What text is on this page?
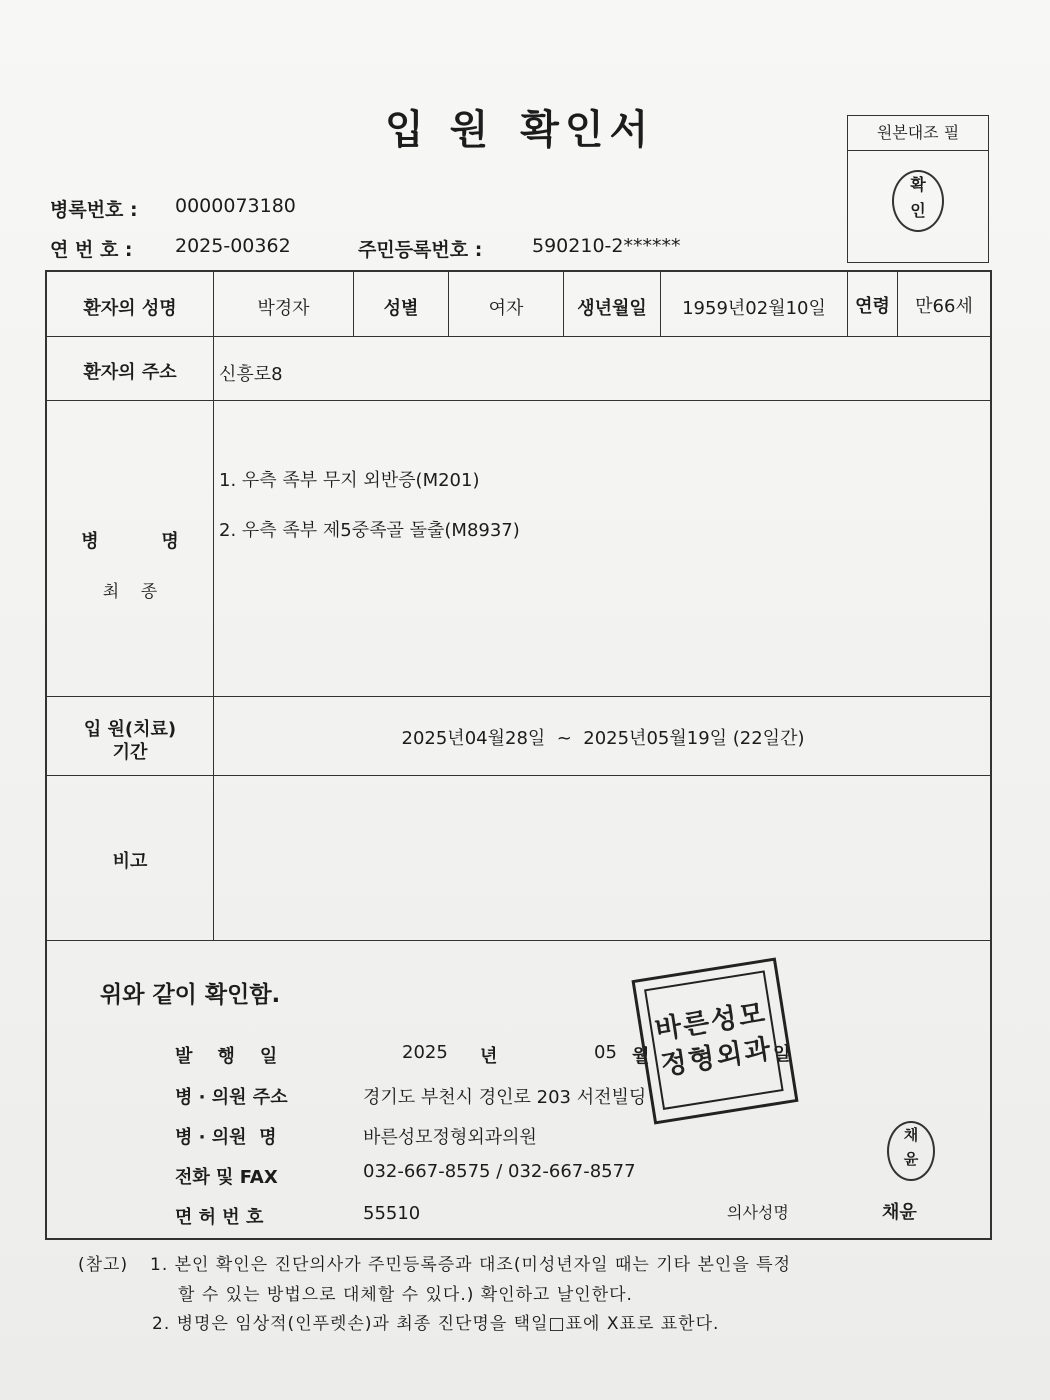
입 원 확인서	원본대조 필
확
인
병록번호 : 0000073180
연 번 호 : 2025-00362	주민등록번호 :	590210-2******
환자의 성명	박경자	성별	여자	생년월일	1959년02월10일	연령	만66세
환자의 주소	신흥로8
병          명
최    종
1. 우측 족부 무지 외반증(M201)
2. 우측 족부 제5중족골 돌출(M8937)
입 원(치료)
기간
2025년04월28일  ~  2025년05월19일 (22일간)
비고
위와 같이 확인함.
발    행    일	2025 년	05 월	일
병 · 의원 주소	경기도 부천시 경인로 203 서전빌딩
병 · 의원  명	바른성모정형외과의원
전화 및 FAX	032-667-8575 / 032-667-8577
면 허 번 호	55510	의사성명	채윤
바른성모
정형외과
채
윤
(참고) 1. 본인 확인은 진단의사가 주민등록증과 대조(미성년자일 때는 기타 본인을 특정
할 수 있는 방법으로 대체할 수 있다.) 확인하고 날인한다.
2. 병명은 임상적(인푸렛손)과 최종 진단명을 택일□표에 X표로 표한다.
